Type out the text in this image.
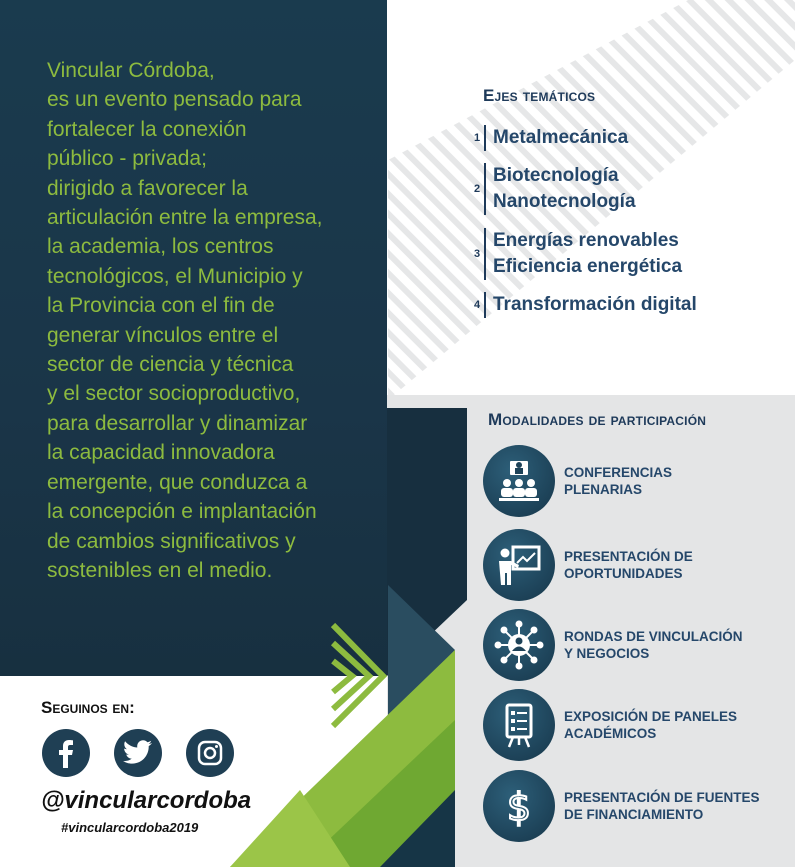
Vincular Córdoba,
es un evento pensado para
fortalecer la conexión
público - privada;
dirigido a favorecer la
articulación entre la empresa,
la academia, los centros
tecnológicos, el Municipio y
la Provincia con el fin de
generar vínculos entre el
sector de ciencia y técnica
y el sector socioproductivo,
para desarrollar y dinamizar
la capacidad innovadora
emergente, que conduzca a
la concepción e implantación
de cambios significativos y
sostenibles en el medio.

Ejes temáticos
1 Metalmecánica
2
Biotecnología
Nanotecnología
3
Energías renovables
Eficiencia energética
4 Transformación digital
Modalidades de participación
CONFERENCIAS
PLENARIAS
PRESENTACIÓN DE
OPORTUNIDADES
RONDAS DE VINCULACIÓN
Y NEGOCIOS
EXPOSICIÓN DE PANELES
ACADÉMICOS
$ PRESENTACIÓN DE FUENTES
DE FINANCIAMIENTO
Seguinos en:

@vincularcordoba

#vincularcordoba2019
